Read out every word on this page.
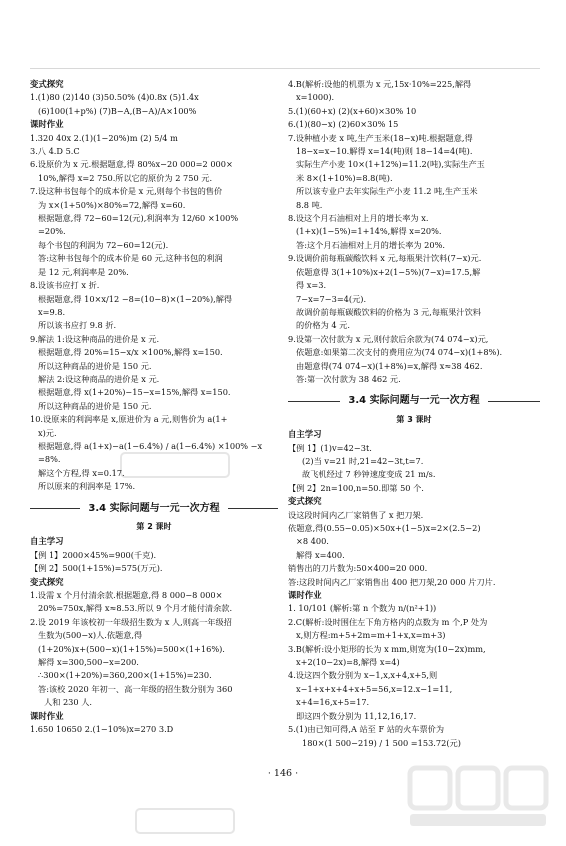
变式探究
1.(1)80 (2)140 (3)50.50% (4)0.8x (5)1.4x
(6)100(1+p%) (7)B−A,(B−A)/A×100%
课时作业
1.320 40x 2.(1)(1−20%)m (2) 5/4 m
3.八 4.D 5.C
6.设原价为 x 元.根据题意,得 80%x−20 000=2 000×
10%,解得 x=2 750.所以它的原价为 2 750 元.
7.设这种书包每个的成本价是 x 元,则每个书包的售价
为 x×(1+50%)×80%=72,解得 x=60.
根据题意,得 72−60=12(元),利润率为 12/60 ×100%
=20%.
每个书包的利润为 72−60=12(元).
答:这种书包每个的成本价是 60 元,这种书包的利润
是 12 元,利润率是 20%.
8.设该书应打 x 折.
根据题意,得 10×x/12 −8=(10−8)×(1−20%),解得
x=9.8.
所以该书应打 9.8 折.
9.解法 1:设这种商品的进价是 x 元.
根据题意,得 20%=15−x/x ×100%,解得 x=150.
所以这种商品的进价是 150 元.
解法 2:设这种商品的进价是 x 元.
根据题意,得 x(1+20%)−15−x=15%,解得 x=150.
所以这种商品的进价是 150 元.
10.设原来的利润率是 x,原进价为 a 元,则售价为 a(1+
x)元.
根据题意,得 a(1+x)−a(1−6.4%) / a(1−6.4%) ×100% −x
=8%.
解这个方程,得 x=0.17.
所以原来的利润率是 17%.
3.4 实际问题与一元一次方程
第 2 课时
自主学习
【例 1】2000×45%=900(千克).
【例 2】500(1+15%)=575(万元).
变式探究
1.设需 x 个月付清余款.根据题意,得 8 000−8 000×
20%=750x,解得 x≈8.53.所以 9 个月才能付清余款.
2.设 2019 年该校初一年级招生数为 x 人,则高一年级招
生数为(500−x)人.依题意,得
(1+20%)x+(500−x)(1+15%)=500×(1+16%).
解得 x=300,500−x=200.
∴300×(1+20%)=360,200×(1+15%)=230.
答:该校 2020 年初一、高一年级的招生数分别为 360
人和 230 人.
课时作业
1.650 10650 2.(1−10%)x=270 3.D
4.B(解析:设他的机票为 x 元,15x·10%=225,解得
x=1000).
5.(1)(60+x) (2)(x+60)×30% 10
6.(1)(80−x) (2)60×30% 15
7.设种植小麦 x 吨,生产玉米(18−x)吨.根据题意,得
18−x=x−10.解得 x=14(吨)则 18−14=4(吨).
实际生产小麦 10×(1+12%)=11.2(吨),实际生产玉
米 8×(1+10%)=8.8(吨).
所以该专业户去年实际生产小麦 11.2 吨,生产玉米
8.8 吨.
8.设这个月石油相对上月的增长率为 x.
(1+x)(1−5%)=1+14%,解得 x=20%.
答:这个月石油相对上月的增长率为 20%.
9.设调价前每瓶碳酸饮料 x 元,每瓶果汁饮料(7−x)元.
依题意得 3(1+10%)x+2(1−5%)(7−x)=17.5,解
得 x=3.
7−x=7−3=4(元).
故调价前每瓶碳酸饮料的价格为 3 元,每瓶果汁饮料
的价格为 4 元.
9.设第一次付款为 x 元,则付款后余款为(74 074−x)元,
依题意:如果第二次支付的费用应为(74 074−x)(1+8%).
由题意得(74 074−x)(1+8%)=x,解得 x≈38 462.
答:第一次付款为 38 462 元.
3.4 实际问题与一元一次方程
第 3 课时
自主学习
【例 1】(1)v=42−3t.
(2)当 v=21 时,21=42−3t,t=7.
故飞机经过 7 秒钟速度变成 21 m/s.
【例 2】2n=100,n=50.即第 50 个.
变式探究
设这段时间内乙厂家销售了 x 把刀架.
依题意,得(0.55−0.05)×50x+(1−5)x=2×(2.5−2)
×8 400.
解得 x=400.
销售出的刀片数为:50×400=20 000.
答:这段时间内乙厂家销售出 400 把刀架,20 000 片刀片.
课时作业
1. 10/101 (解析:第 n 个数为 n/(n²+1))
2.C(解析:设时围住左下角方格内的点数为 m 个,P 处为
x,则方程:m+5+2m=m+1+x,x=m+3)
3.B(解析:设小矩形的长为 x mm,则宽为(10−2x)mm,
x+2(10−2x)=8,解得 x=4)
4.设这四个数分别为 x−1,x,x+4,x+5,则
x−1+x+x+4+x+5=56,x=12.x−1=11,
x+4=16,x+5=17.
即这四个数分别为 11,12,16,17.
5.(1)由已知可得,A 站至 F 站的火车票价为
180×(1 500−219) / 1 500 =153.72(元)
· 146 ·
